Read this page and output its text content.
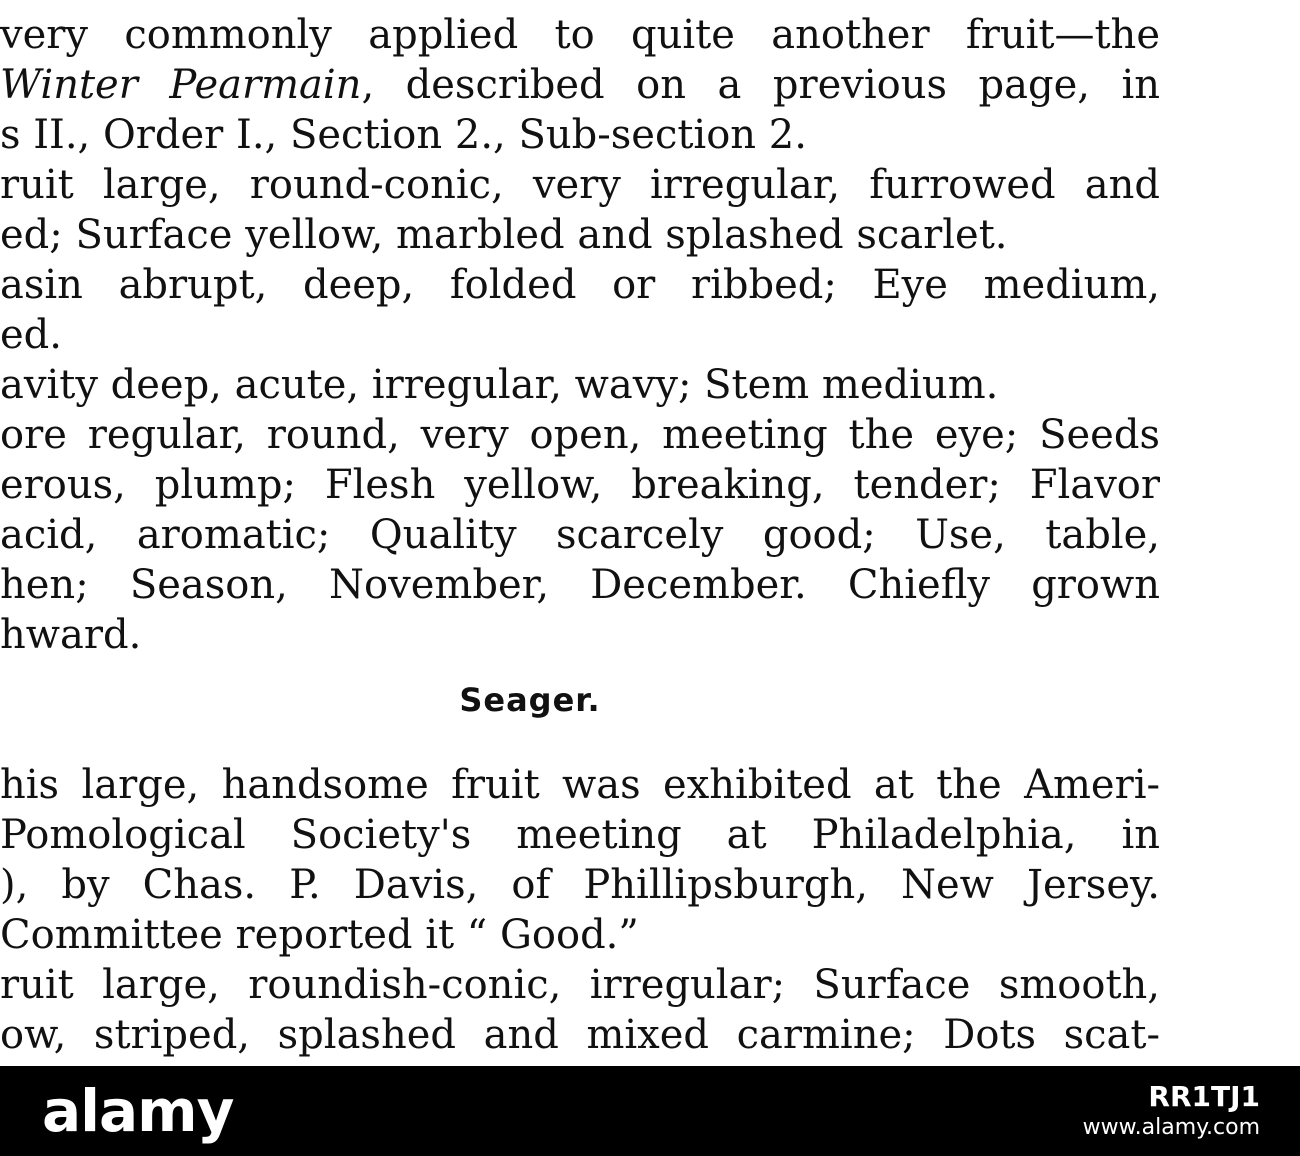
very commonly applied to quite another fruit—the
Winter Pearmain, described on a previous page, in
s II., Order I., Section 2., Sub-section 2.
ruit large, round-conic, very irregular, furrowed and
ed; Surface yellow, marbled and splashed scarlet.
asin abrupt, deep, folded or ribbed; Eye medium,
ed.
avity deep, acute, irregular, wavy; Stem medium.
ore regular, round, very open, meeting the eye; Seeds
erous, plump; Flesh yellow, breaking, tender; Flavor
acid, aromatic; Quality scarcely good; Use, table,
hen; Season, November, December. Chiefly grown
hward.
Seager.
his large, handsome fruit was exhibited at the Ameri-
Pomological Society's meeting at Philadelphia, in
), by Chas. P. Davis, of Phillipsburgh, New Jersey.
Committee reported it “ Good.”
ruit large, roundish-conic, irregular; Surface smooth,
ow, striped, splashed and mixed carmine; Dots scat-
alamy	RR1TJ1
www.alamy.com
